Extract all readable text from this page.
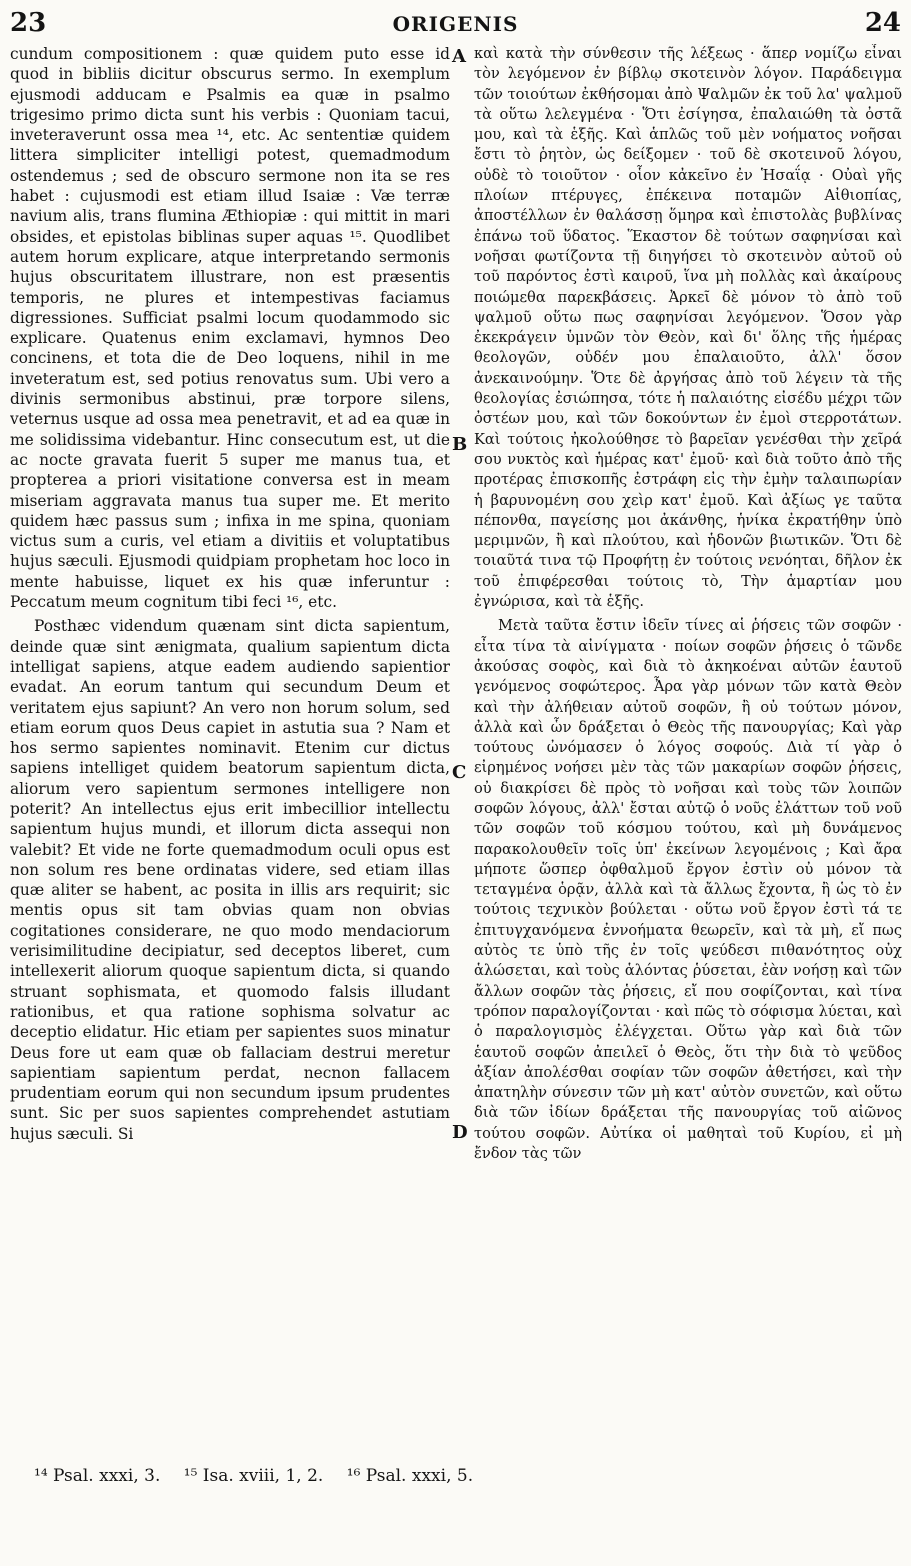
23	ORIGENIS	24

cundum compositionem : quæ quidem puto esse id quod in bibliis dicitur obscurus sermo. In exemplum ejusmodi adducam e Psalmis ea quæ in psalmo trigesimo primo dicta sunt his verbis : Quoniam tacui, inveteraverunt ossa mea ¹⁴, etc. Ac sententiæ quidem littera simpliciter intelligi potest, quemadmodum ostendemus ; sed de obscuro sermone non ita se res habet : cujusmodi est etiam illud Isaiæ : Væ terræ navium alis, trans flumina Æthiopiæ : qui mittit in mari obsides, et epistolas biblinas super aquas ¹⁵. Quodlibet autem horum explicare, atque interpretando sermonis hujus obscuritatem illustrare, non est præsentis temporis, ne plures et intempestivas faciamus digressiones. Sufficiat psalmi locum quodammodo sic explicare. Quatenus enim exclamavi, hymnos Deo concinens, et tota die de Deo loquens, nihil in me inveteratum est, sed potius renovatus sum. Ubi vero a divinis sermonibus abstinui, præ torpore silens, veternus usque ad ossa mea penetravit, et ad ea quæ in me solidissima videbantur. Hinc consecutum est, ut die ac nocte gravata fuerit 5 super me manus tua, et propterea a priori visitatione conversa est in meam miseriam aggravata manus tua super me. Et merito quidem hæc passus sum ; infixa in me spina, quoniam victus sum a curis, vel etiam a divitiis et voluptatibus hujus sæculi. Ejusmodi quidpiam prophetam hoc loco in mente habuisse, liquet ex his quæ inferuntur : Peccatum meum cognitum tibi feci ¹⁶, etc.

Posthæc videndum quænam sint dicta sapientum, deinde quæ sint ænigmata, qualium sapientum dicta intelligat sapiens, atque eadem audiendo sapientior evadat. An eorum tantum qui secundum Deum et veritatem ejus sapiunt? An vero non horum solum, sed etiam eorum quos Deus capiet in astutia sua ? Nam et hos sermo sapientes nominavit. Etenim cur dictus sapiens intelliget quidem beatorum sapientum dicta, aliorum vero sapientum sermones intelligere non poterit? An intellectus ejus erit imbecillior intellectu sapientum hujus mundi, et illorum dicta assequi non valebit? Et vide ne forte quemadmodum oculi opus est non solum res bene ordinatas videre, sed etiam illas quæ aliter se habent, ac posita in illis ars requirit; sic mentis opus sit tam obvias quam non obvias cogitationes considerare, ne quo modo mendaciorum verisimilitudine decipiatur, sed deceptos liberet, cum intellexerit aliorum quoque sapientum dicta, si quando struant sophismata, et quomodo falsis illudant rationibus, et qua ratione sophisma solvatur ac deceptio elidatur. Hic etiam per sapientes suos minatur Deus fore ut eam quæ ob fallaciam destrui meretur sapientiam sapientum perdat, necnon fallacem prudentiam eorum qui non secundum ipsum prudentes sunt. Sic per suos sapientes comprehendet astutiam hujus sæculi. Si

A
B
C
D

καὶ κατὰ τὴν σύνθεσιν τῆς λέξεως · ἅπερ νομίζω εἶναι τὸν λεγόμενον ἐν βίβλῳ σκοτεινὸν λόγον. Παράδειγμα τῶν τοιούτων ἐκθήσομαι ἀπὸ Ψαλμῶν ἐκ τοῦ λα' ψαλμοῦ τὰ οὕτω λελεγμένα · Ὅτι ἐσίγησα, ἐπαλαιώθη τὰ ὀστᾶ μου, καὶ τὰ ἑξῆς. Καὶ ἁπλῶς τοῦ μὲν νοήματος νοῆσαι ἔστι τὸ ῥητὸν, ὡς δείξομεν · τοῦ δὲ σκοτεινοῦ λόγου, οὐδὲ τὸ τοιοῦτον · οἷον κἀκεῖνο ἐν Ἡσαΐᾳ · Οὐαὶ γῆς πλοίων πτέρυγες, ἐπέκεινα ποταμῶν Αἰθιοπίας, ἀποστέλλων ἐν θαλάσσῃ ὅμηρα καὶ ἐπιστολὰς βυβλίνας ἐπάνω τοῦ ὕδατος. Ἕκαστον δὲ τούτων σαφηνίσαι καὶ νοῆσαι φωτίζοντα τῇ διηγήσει τὸ σκοτεινὸν αὐτοῦ οὐ τοῦ παρόντος ἐστὶ καιροῦ, ἵνα μὴ πολλὰς καὶ ἀκαίρους ποιώμεθα παρεκβάσεις. Ἀρκεῖ δὲ μόνον τὸ ἀπὸ τοῦ ψαλμοῦ οὕτω πως σαφηνίσαι λεγόμενον. Ὅσον γὰρ ἐκεκράγειν ὑμνῶν τὸν Θεὸν, καὶ δι' ὅλης τῆς ἡμέρας θεολογῶν, οὐδέν μου ἐπαλαιοῦτο, ἀλλ' ὅσον ἀνεκαινούμην. Ὅτε δὲ ἀργήσας ἀπὸ τοῦ λέγειν τὰ τῆς θεολογίας ἐσιώπησα, τότε ἡ παλαιότης εἰσέδυ μέχρι τῶν ὀστέων μου, καὶ τῶν δοκούντων ἐν ἐμοὶ στερροτάτων. Καὶ τούτοις ἠκολούθησε τὸ βαρεῖαν γενέσθαι τὴν χεῖρά σου νυκτὸς καὶ ἡμέρας κατ' ἐμοῦ· καὶ διὰ τοῦτο ἀπὸ τῆς προτέρας ἐπισκοπῆς ἐστράφη εἰς τὴν ἐμὴν ταλαιπωρίαν ἡ βαρυνομένη σου χεὶρ κατ' ἐμοῦ. Καὶ ἀξίως γε ταῦτα πέπονθα, παγείσης μοι ἀκάνθης, ἡνίκα ἐκρατήθην ὑπὸ μεριμνῶν, ἢ καὶ πλούτου, καὶ ἡδονῶν βιωτικῶν. Ὅτι δὲ τοιαῦτά τινα τῷ Προφήτῃ ἐν τούτοις νενόηται, δῆλον ἐκ τοῦ ἐπιφέρεσθαι τούτοις τὸ, Τὴν ἁμαρτίαν μου ἐγνώρισα, καὶ τὰ ἑξῆς.

Μετὰ ταῦτα ἔστιν ἰδεῖν τίνες αἱ ῥήσεις τῶν σοφῶν · εἶτα τίνα τὰ αἰνίγματα · ποίων σοφῶν ῥήσεις ὁ τῶνδε ἀκούσας σοφὸς, καὶ διὰ τὸ ἀκηκοέναι αὐτῶν ἑαυτοῦ γενόμενος σοφώτερος. Ἆρα γὰρ μόνων τῶν κατὰ Θεὸν καὶ τὴν ἀλήθειαν αὐτοῦ σοφῶν, ἢ οὐ τούτων μόνον, ἀλλὰ καὶ ὧν δράξεται ὁ Θεὸς τῆς πανουργίας; Καὶ γὰρ τούτους ὠνόμασεν ὁ λόγος σοφούς. Διὰ τί γὰρ ὁ εἰρημένος νοήσει μὲν τὰς τῶν μακαρίων σοφῶν ῥήσεις, οὐ διακρίσει δὲ πρὸς τὸ νοῆσαι καὶ τοὺς τῶν λοιπῶν σοφῶν λόγους, ἀλλ' ἔσται αὐτῷ ὁ νοῦς ἐλάττων τοῦ νοῦ τῶν σοφῶν τοῦ κόσμου τούτου, καὶ μὴ δυνάμενος παρακολουθεῖν τοῖς ὑπ' ἐκείνων λεγομένοις ; Καὶ ἄρα μήποτε ὥσπερ ὀφθαλμοῦ ἔργον ἐστὶν οὐ μόνον τὰ τεταγμένα ὁρᾷν, ἀλλὰ καὶ τὰ ἄλλως ἔχοντα, ἢ ὡς τὸ ἐν τούτοις τεχνικὸν βούλεται · οὕτω νοῦ ἔργον ἐστὶ τά τε ἐπιτυγχανόμενα ἐννοήματα θεωρεῖν, καὶ τὰ μὴ, εἴ πως αὐτὸς τε ὑπὸ τῆς ἐν τοῖς ψεύδεσι πιθανότητος οὐχ ἁλώσεται, καὶ τοὺς ἁλόντας ῥύσεται, ἐὰν νοήσῃ καὶ τῶν ἄλλων σοφῶν τὰς ῥήσεις, εἴ που σοφίζονται, καὶ τίνα τρόπον παραλογίζονται · καὶ πῶς τὸ σόφισμα λύεται, καὶ ὁ παραλογισμὸς ἐλέγχεται. Οὕτω γὰρ καὶ διὰ τῶν ἑαυτοῦ σοφῶν ἀπειλεῖ ὁ Θεὸς, ὅτι τὴν διὰ τὸ ψεῦδος ἀξίαν ἀπολέσθαι σοφίαν τῶν σοφῶν ἀθετήσει, καὶ τὴν ἀπατηλὴν σύνεσιν τῶν μὴ κατ' αὐτὸν συνετῶν, καὶ οὕτω διὰ τῶν ἰδίων δράξεται τῆς πανουργίας τοῦ αἰῶνος τούτου σοφῶν. Αὐτίκα οἱ μαθηταὶ τοῦ Κυρίου, εἰ μὴ ἔνδον τὰς τῶν

¹⁴ Psal. xxxi, 3. ¹⁵ Isa. xviii, 1, 2. ¹⁶ Psal. xxxi, 5.
